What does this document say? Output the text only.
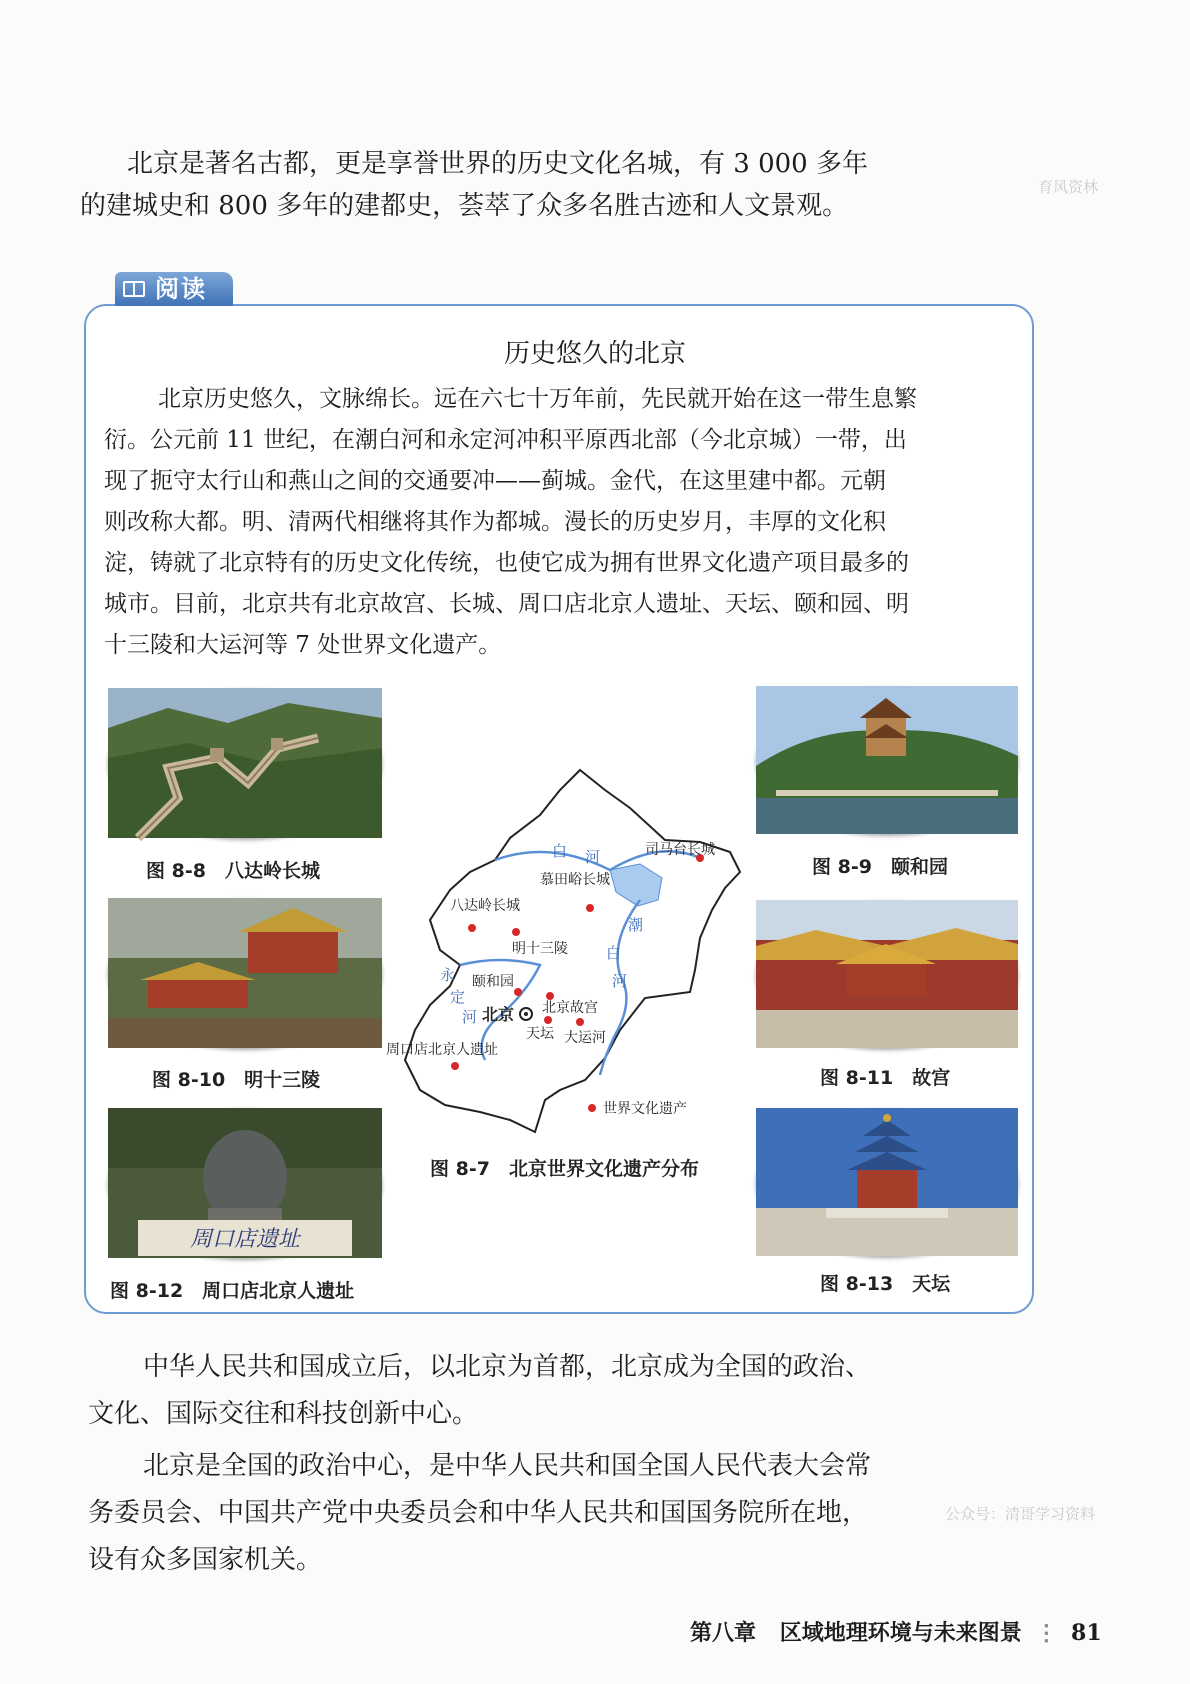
北京是著名古都，更是享誉世界的历史文化名城，有 3 000 多年
的建城史和 800 多年的建都史，荟萃了众多名胜古迹和人文景观。
育风资林
阅读
历史悠久的北京
北京历史悠久，文脉绵长。远在六七十万年前，先民就开始在这一带生息繁
衍。公元前 11 世纪，在潮白河和永定河冲积平原西北部（今北京城）一带，出
现了扼守太行山和燕山之间的交通要冲——蓟城。金代，在这里建中都。元朝
则改称大都。明、清两代相继将其作为都城。漫长的历史岁月，丰厚的文化积
淀，铸就了北京特有的历史文化传统，也使它成为拥有世界文化遗产项目最多的
城市。目前，北京共有北京故宫、长城、周口店北京人遗址、天坛、颐和园、明
十三陵和大运河等 7 处世界文化遗产。
图 8-8　八达岭长城	图 8-9　颐和园
图 8-10　明十三陵	图 8-11　故宫
周口店遗址
图 8-12　周口店北京人遗址	图 8-13　天坛
白 河
潮
白
河
永
定
河
司马台长城
慕田峪长城
八达岭长城
明十三陵
颐和园
北京故宫
北京
天坛 大运河
周口店北京人遗址
世界文化遗产
图 8-7　北京世界文化遗产分布
中华人民共和国成立后，以北京为首都，北京成为全国的政治、
文化、国际交往和科技创新中心。
北京是全国的政治中心，是中华人民共和国全国人民代表大会常
务委员会、中国共产党中央委员会和中华人民共和国国务院所在地，
设有众多国家机关。
公众号：清哥学习资料
第八章 区域地理环境与未来图景 ⋮ 81
